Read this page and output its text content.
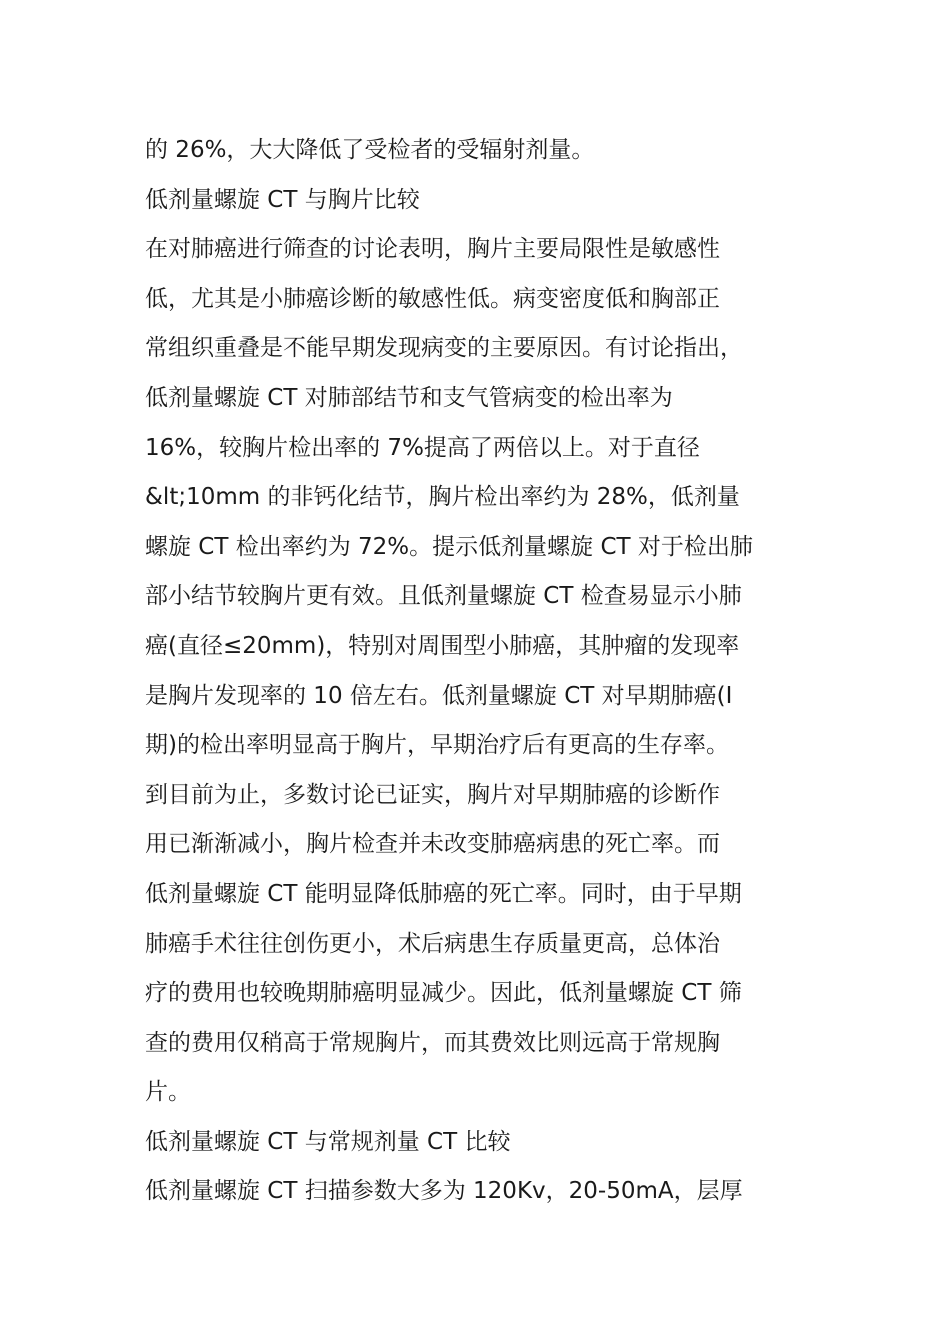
的 26%，大大降低了受检者的受辐射剂量。
低剂量螺旋 CT 与胸片比较
在对肺癌进行筛查的讨论表明，胸片主要局限性是敏感性
低，尤其是小肺癌诊断的敏感性低。病变密度低和胸部正
常组织重叠是不能早期发现病变的主要原因。有讨论指出，
低剂量螺旋 CT 对肺部结节和支气管病变的检出率为
16%，较胸片检出率的 7%提高了两倍以上。对于直径
&lt;10mm 的非钙化结节，胸片检出率约为 28%，低剂量
螺旋 CT 检出率约为 72%。提示低剂量螺旋 CT 对于检出肺
部小结节较胸片更有效。且低剂量螺旋 CT 检查易显示小肺
癌(直径≤20mm)，特别对周围型小肺癌，其肿瘤的发现率
是胸片发现率的 10 倍左右。低剂量螺旋 CT 对早期肺癌(I
期)的检出率明显高于胸片，早期治疗后有更高的生存率。
到目前为止，多数讨论已证实，胸片对早期肺癌的诊断作
用已渐渐减小，胸片检查并未改变肺癌病患的死亡率。而
低剂量螺旋 CT 能明显降低肺癌的死亡率。同时，由于早期
肺癌手术往往创伤更小，术后病患生存质量更高，总体治
疗的费用也较晚期肺癌明显减少。因此，低剂量螺旋 CT 筛
查的费用仅稍高于常规胸片，而其费效比则远高于常规胸
片。
低剂量螺旋 CT 与常规剂量 CT 比较
低剂量螺旋 CT 扫描参数大多为 120Kv，20-50mA，层厚
